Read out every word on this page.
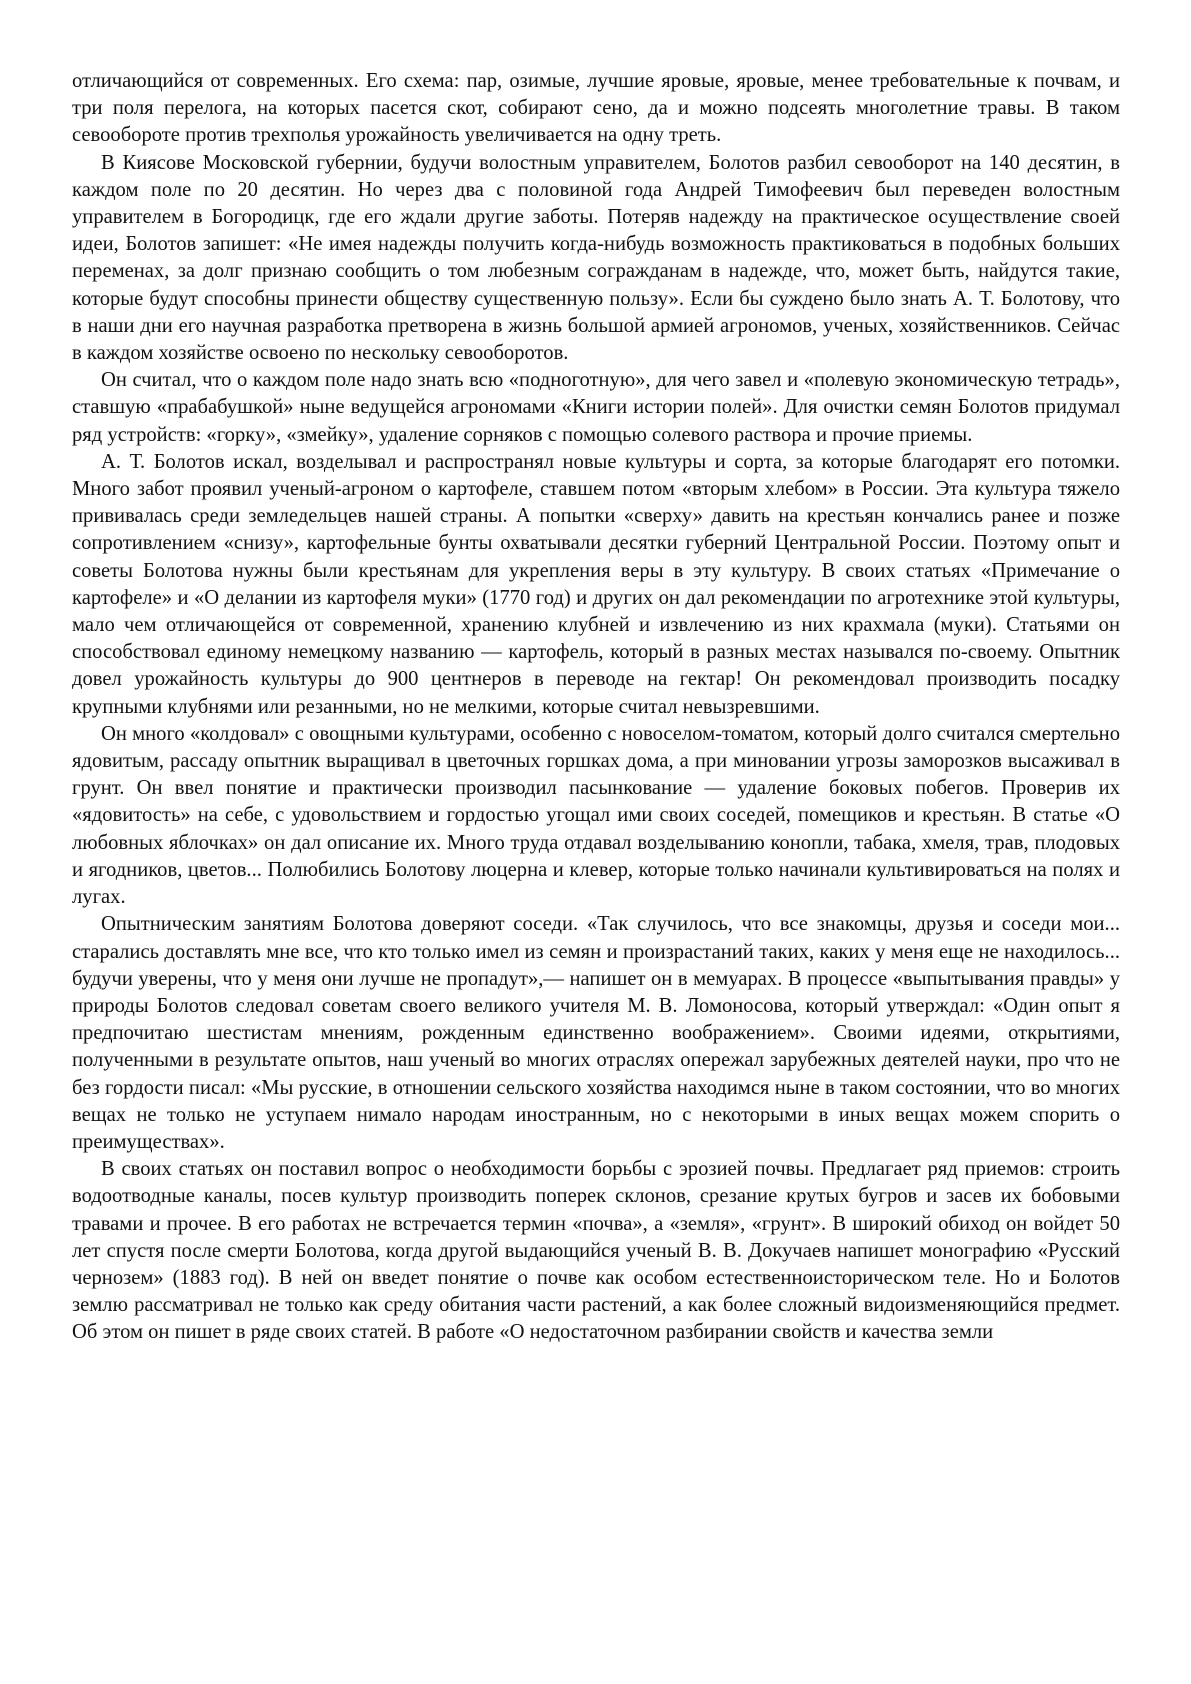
отличающийся от современных. Его схема: пар, озимые, лучшие яровые, яровые, менее требовательные к почвам, и три поля перелога, на которых пасется скот, собирают сено, да и можно подсеять многолетние травы. В таком севообороте против трехполья урожайность увеличивается на одну треть.

В Киясове Московской губернии, будучи волостным управителем, Болотов разбил севооборот на 140 десятин, в каждом поле по 20 десятин. Но через два с половиной года Андрей Тимофеевич был переведен волостным управителем в Богородицк, где его ждали другие заботы. Потеряв надежду на практическое осуществление своей идеи, Болотов запишет: «Не имея надежды получить когда-нибудь возможность практиковаться в подобных больших переменах, за долг признаю сообщить о том любезным согражданам в надежде, что, может быть, найдутся такие, которые будут способны принести обществу существенную пользу». Если бы суждено было знать А. Т. Болотову, что в наши дни его научная разработка претворена в жизнь большой армией агрономов, ученых, хозяйственников. Сейчас в каждом хозяйстве освоено по нескольку севооборотов.

Он считал, что о каждом поле надо знать всю «подноготную», для чего завел и «полевую экономическую тетрадь», ставшую «прабабушкой» ныне ведущейся агрономами «Книги истории полей». Для очистки семян Болотов придумал ряд устройств: «горку», «змейку», удаление сорняков с помощью солевого раствора и прочие приемы.

А. Т. Болотов искал, возделывал и распространял новые культуры и сорта, за которые благодарят его потомки. Много забот проявил ученый-агроном о картофеле, ставшем потом «вторым хлебом» в России. Эта культура тяжело прививалась среди земледельцев нашей страны. А попытки «сверху» давить на крестьян кончались ранее и позже сопротивлением «снизу», картофельные бунты охватывали десятки губерний Центральной России. Поэтому опыт и советы Болотова нужны были крестьянам для укрепления веры в эту культуру. В своих статьях «Примечание о картофеле» и «О делании из картофеля муки» (1770 год) и других он дал рекомендации по агротехнике этой культуры, мало чем отличающейся от современной, хранению клубней и извлечению из них крахмала (муки). Статьями он способствовал единому немецкому названию — картофель, который в разных местах назывался по-своему. Опытник довел урожайность культуры до 900 центнеров в переводе на гектар! Он рекомендовал производить посадку крупными клубнями или резанными, но не мелкими, которые считал невызревшими.

Он много «колдовал» с овощными культурами, особенно с новоселом-томатом, который долго считался смертельно ядовитым, рассаду опытник выращивал в цветочных горшках дома, а при миновании угрозы заморозков высаживал в грунт. Он ввел понятие и практически производил пасынкование — удаление боковых побегов. Проверив их «ядовитость» на себе, с удовольствием и гордостью угощал ими своих соседей, помещиков и крестьян. В статье «О любовных яблочках» он дал описание их. Много труда отдавал возделыванию конопли, табака, хмеля, трав, плодовых и ягодников, цветов... Полюбились Болотову люцерна и клевер, которые только начинали культивироваться на полях и лугах.

Опытническим занятиям Болотова доверяют соседи. «Так случилось, что все знакомцы, друзья и соседи мои... старались доставлять мне все, что кто только имел из семян и произрастаний таких, каких у меня еще не находилось... будучи уверены, что у меня они лучше не пропадут»,— напишет он в мемуарах. В процессе «выпытывания правды» у природы Болотов следовал советам своего великого учителя М. В. Ломоносова, который утверждал: «Один опыт я предпочитаю шестистам мнениям, рожденным единственно воображением». Своими идеями, открытиями, полученными в результате опытов, наш ученый во многих отраслях опережал зарубежных деятелей науки, про что не без гордости писал: «Мы русские, в отношении сельского хозяйства находимся ныне в таком состоянии, что во многих вещах не только не уступаем нимало народам иностранным, но с некоторыми в иных вещах можем спорить о преимуществах».

В своих статьях он поставил вопрос о необходимости борьбы с эрозией почвы. Предлагает ряд приемов: строить водоотводные каналы, посев культур производить поперек склонов, срезание крутых бугров и засев их бобовыми травами и прочее. В его работах не встречается термин «почва», а «земля», «грунт». В широкий обиход он войдет 50 лет спустя после смерти Болотова, когда другой выдающийся ученый В. В. Докучаев напишет монографию «Русский чернозем» (1883 год). В ней он введет понятие о почве как особом естественноисторическом теле. Но и Болотов землю рассматривал не только как среду обитания части растений, а как более сложный видоизменяющийся предмет. Об этом он пишет в ряде своих статей. В работе «О недостаточном разбирании свойств и качества земли
